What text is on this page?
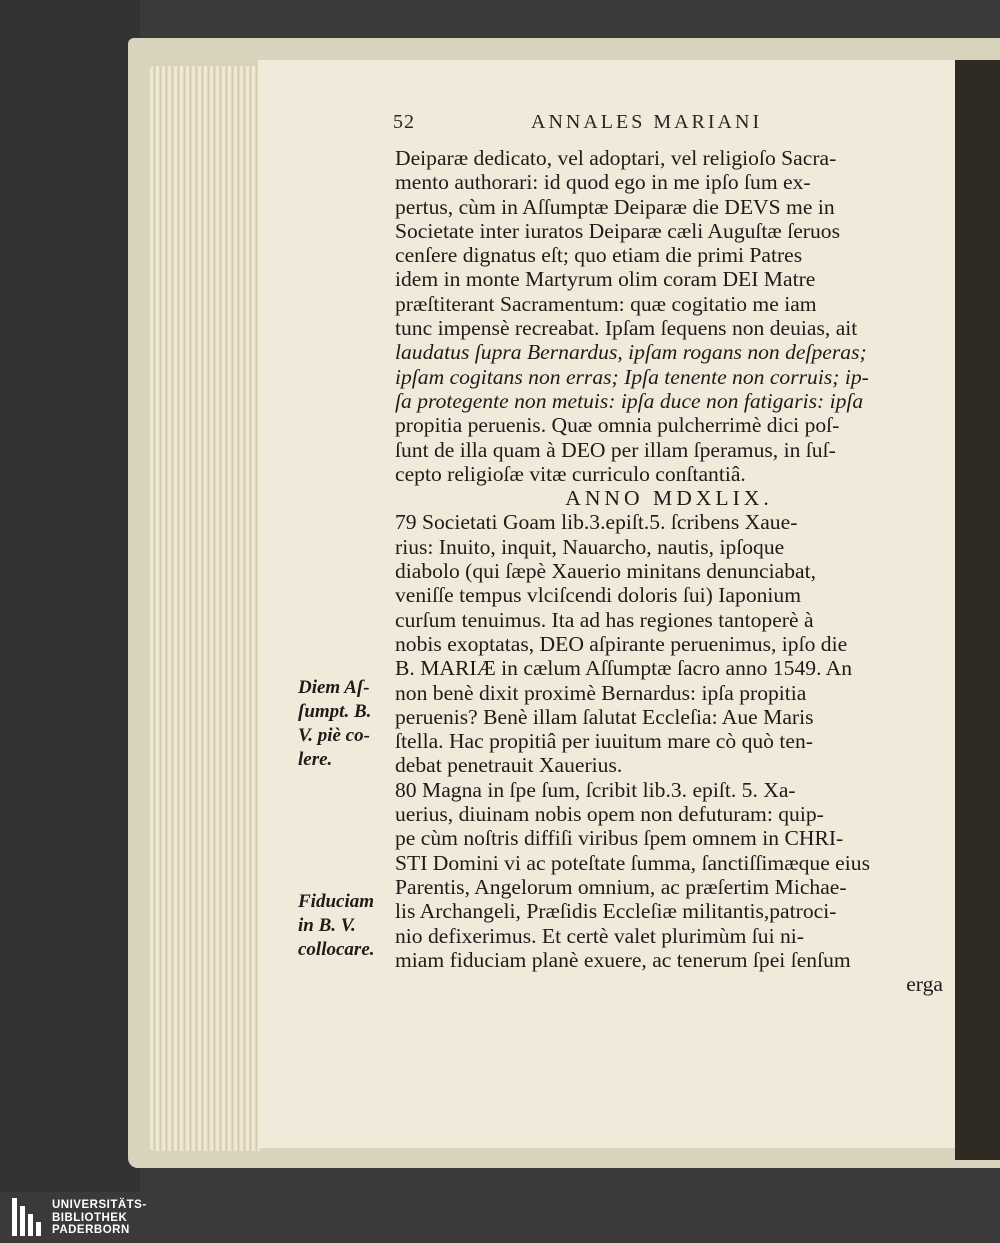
52	ANNALES MARIANI
Deiparæ dedicato, vel adoptari, vel religioſo Sacra-
mento authorari: id quod ego in me ipſo ſum ex-
pertus, cùm in Aſſumptæ Deiparæ die DEVS me in
Societate inter iuratos Deiparæ cæli Auguſtæ ſeruos
cenſere dignatus eſt; quo etiam die primi Patres
idem in monte Martyrum olim coram DEI Matre
præſtiterant Sacramentum: quæ cogitatio me iam
tunc impensè recreabat. Ipſam ſequens non deuias, ait
laudatus ſupra Bernardus, ipſam rogans non deſperas;
ipſam cogitans non erras; Ipſa tenente non corruis; ip-
ſa protegente non metuis: ipſa duce non fatigaris: ipſa
propitia peruenis. Quæ omnia pulcherrimè dici poſ-
ſunt de illa quam à DEO per illam ſperamus, in ſuſ-
cepto religioſæ vitæ curriculo conſtantiâ.
ANNO MDXLIX.
79 Societati Goam lib.3.epiſt.5. ſcribens Xaue-
rius: Inuito, inquit, Nauarcho, nautis, ipſoque
diabolo (qui ſæpè Xauerio minitans denunciabat,
veniſſe tempus vlciſcendi doloris ſui) Iaponium
curſum tenuimus. Ita ad has regiones tantoperè à
nobis exoptatas, DEO aſpirante peruenimus, ipſo die
B. MARIÆ in cælum Aſſumptæ ſacro anno 1549. An
non benè dixit proximè Bernardus: ipſa propitia
peruenis? Benè illam ſalutat Eccleſia: Aue Maris
ſtella. Hac propitiâ per iuuitum mare cò quò ten-
debat penetrauit Xauerius.
80 Magna in ſpe ſum, ſcribit lib.3. epiſt. 5. Xa-
uerius, diuinam nobis opem non defuturam: quip-
pe cùm noſtris diffiſi viribus ſpem omnem in CHRI-
STI Domini vi ac poteſtate ſumma, ſanctiſſimæque eius
Parentis, Angelorum omnium, ac præſertim Michae-
lis Archangeli, Præſidis Eccleſiæ militantis,patroci-
nio defixerimus. Et certè valet plurimùm ſui ni-
miam fiduciam planè exuere, ac tenerum ſpei ſenſum
erga
Diem Aſ-
ſumpt. B.
V. piè co-
lere.
Fiduciam
in B. V.
collocare.
UNIVERSITÄTS-
BIBLIOTHEK
PADERBORN
